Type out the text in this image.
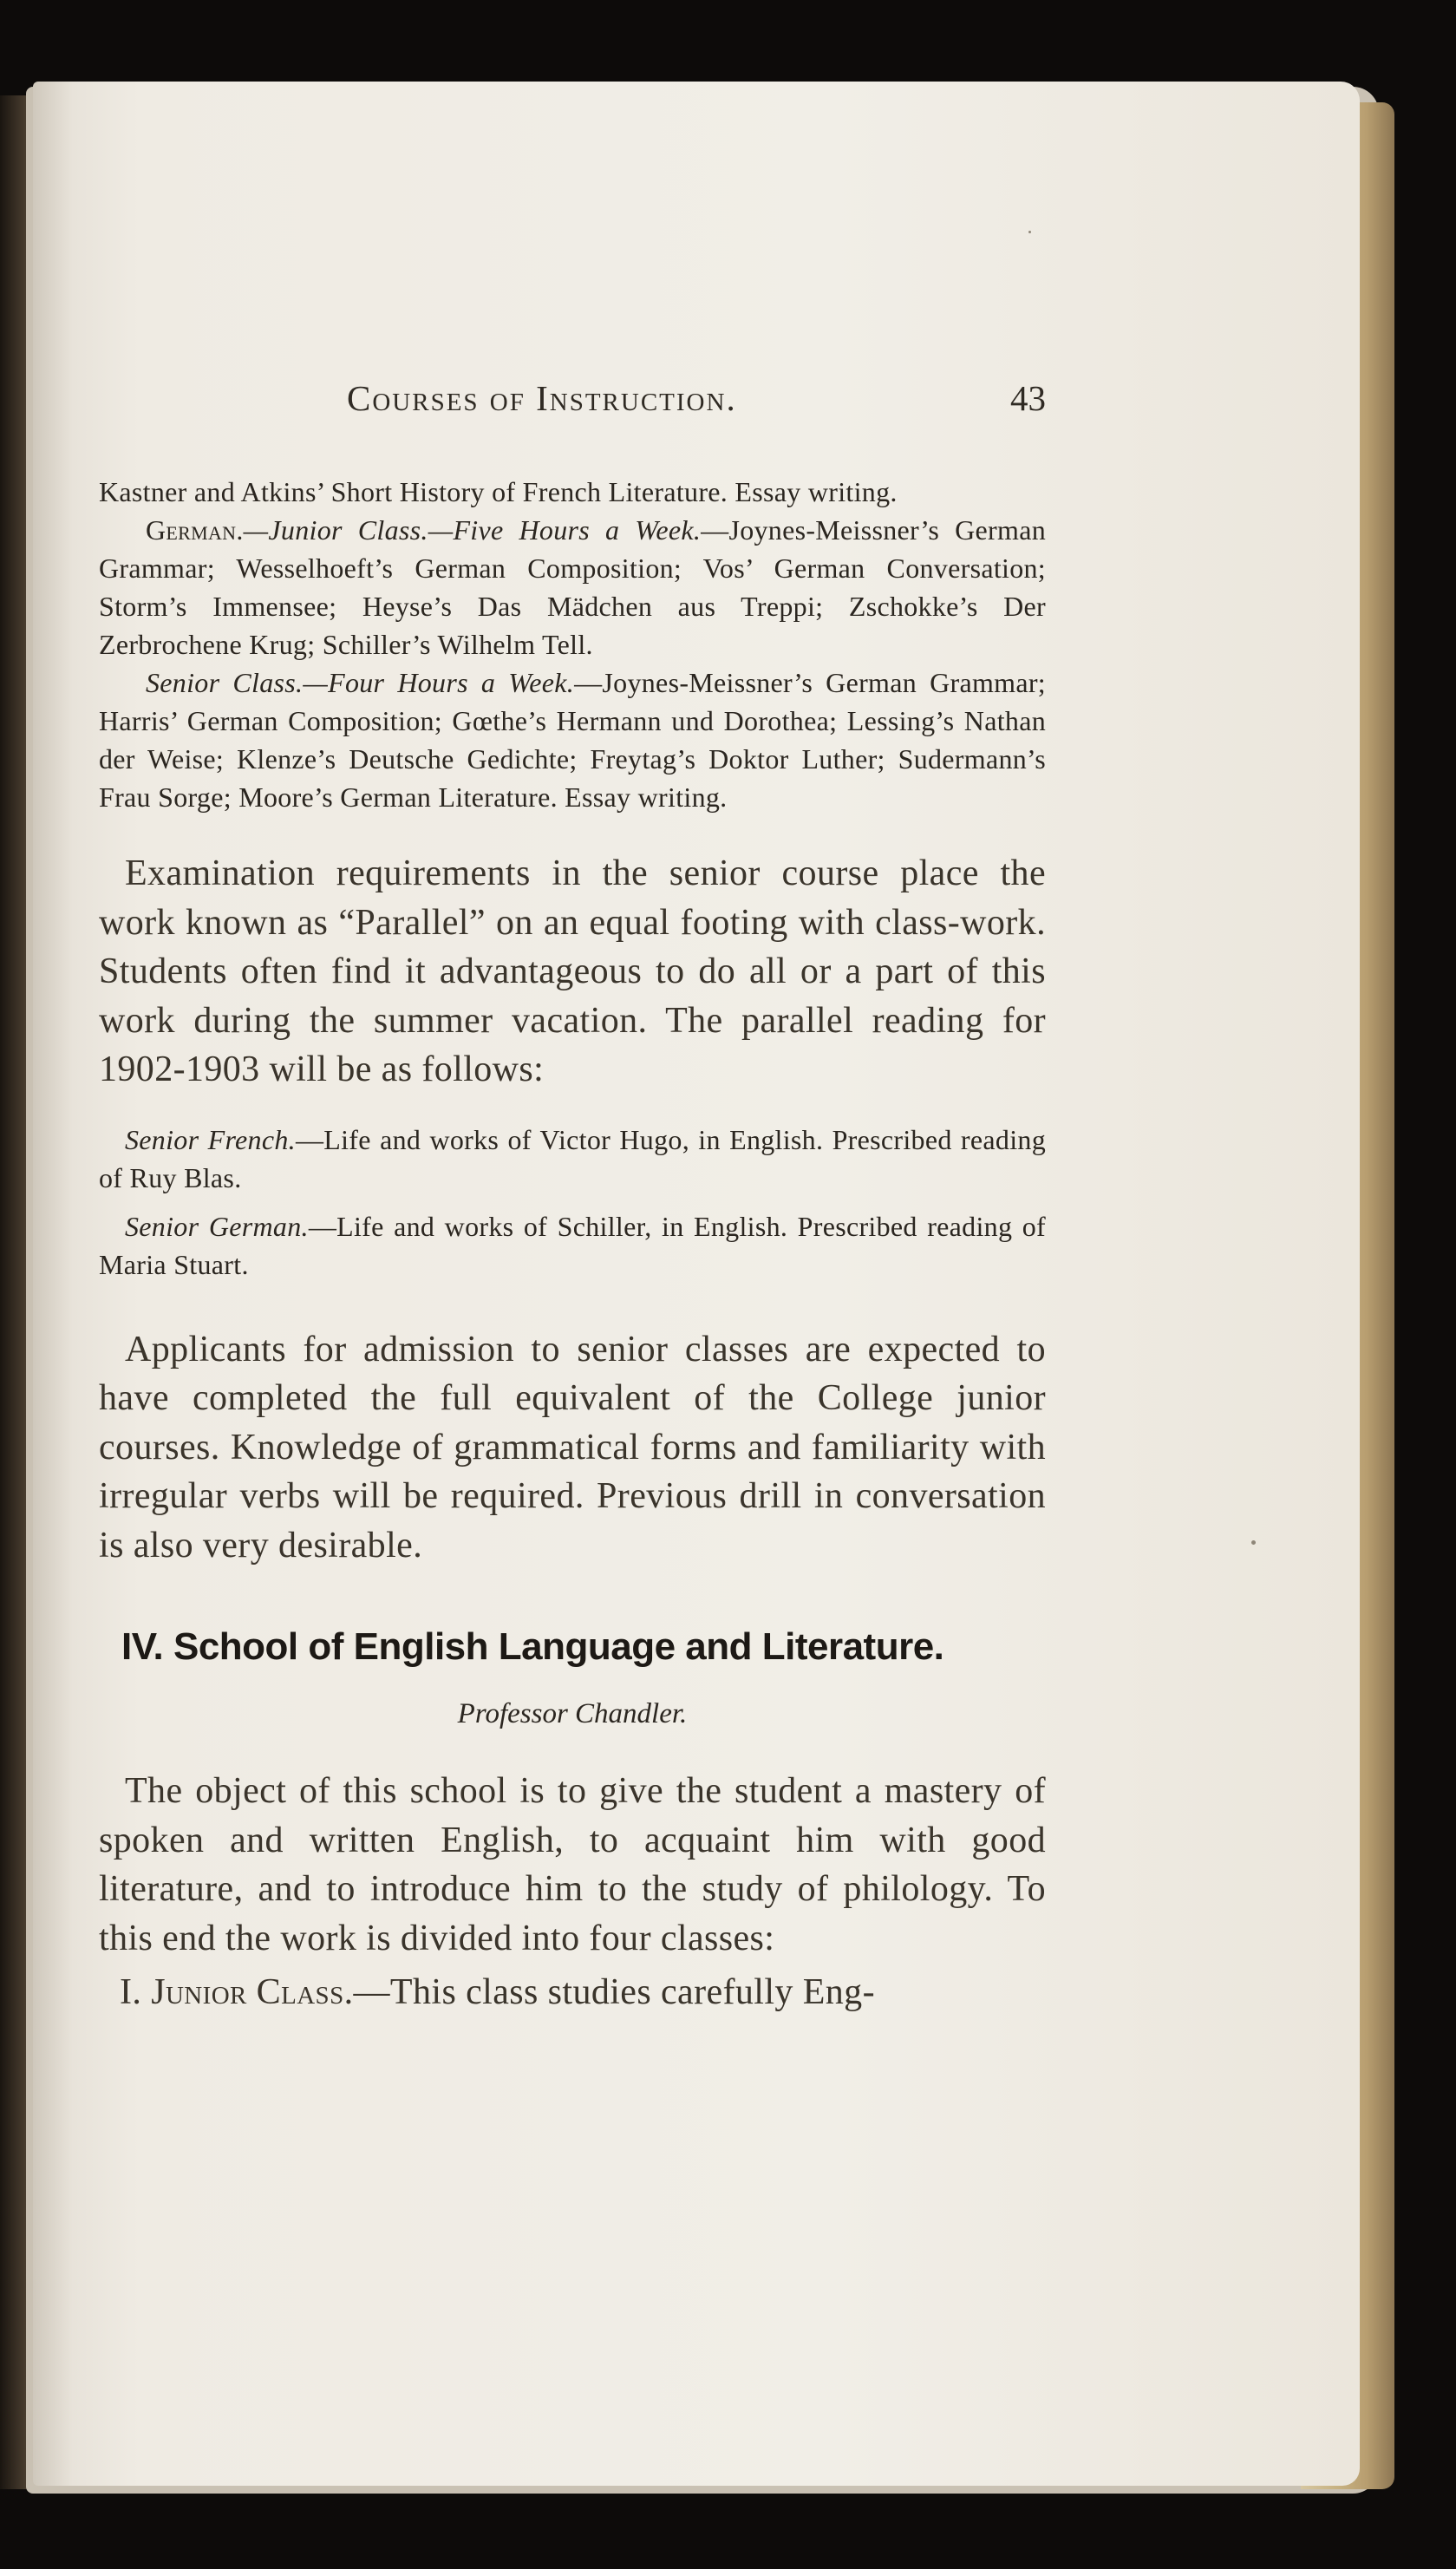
Courses of Instruction.	43

Kastner and Atkins’ Short History of French Literature. Essay writing.

German.—Junior Class.—Five Hours a Week.—Joynes-Meissner’s German Grammar; Wesselhoeft’s German Composition; Vos’ German Conversation; Storm’s Immensee; Heyse’s Das Mädchen aus Treppi; Zschokke’s Der Zerbrochene Krug; Schiller’s Wilhelm Tell.

Senior Class.—Four Hours a Week.—Joynes-Meissner’s German Grammar; Harris’ German Composition; Gœthe’s Hermann und Dorothea; Lessing’s Nathan der Weise; Klenze’s Deutsche Gedichte; Freytag’s Doktor Luther; Sudermann’s Frau Sorge; Moore’s German Literature. Essay writing.

Examination requirements in the senior course place the work known as “Parallel” on an equal footing with class-work. Students often find it advantageous to do all or a part of this work during the summer vacation. The parallel reading for 1902-1903 will be as follows:

Senior French.—Life and works of Victor Hugo, in English. Prescribed reading of Ruy Blas.

Senior German.—Life and works of Schiller, in English. Prescribed reading of Maria Stuart.

Applicants for admission to senior classes are expected to have completed the full equivalent of the College junior courses. Knowledge of grammatical forms and familiarity with irregular verbs will be required. Previous drill in conversation is also very desirable.

IV. School of English Language and Literature.

Professor Chandler.

The object of this school is to give the student a mastery of spoken and written English, to acquaint him with good literature, and to introduce him to the study of philology. To this end the work is divided into four classes:

I. Junior Class.—This class studies carefully Eng-
